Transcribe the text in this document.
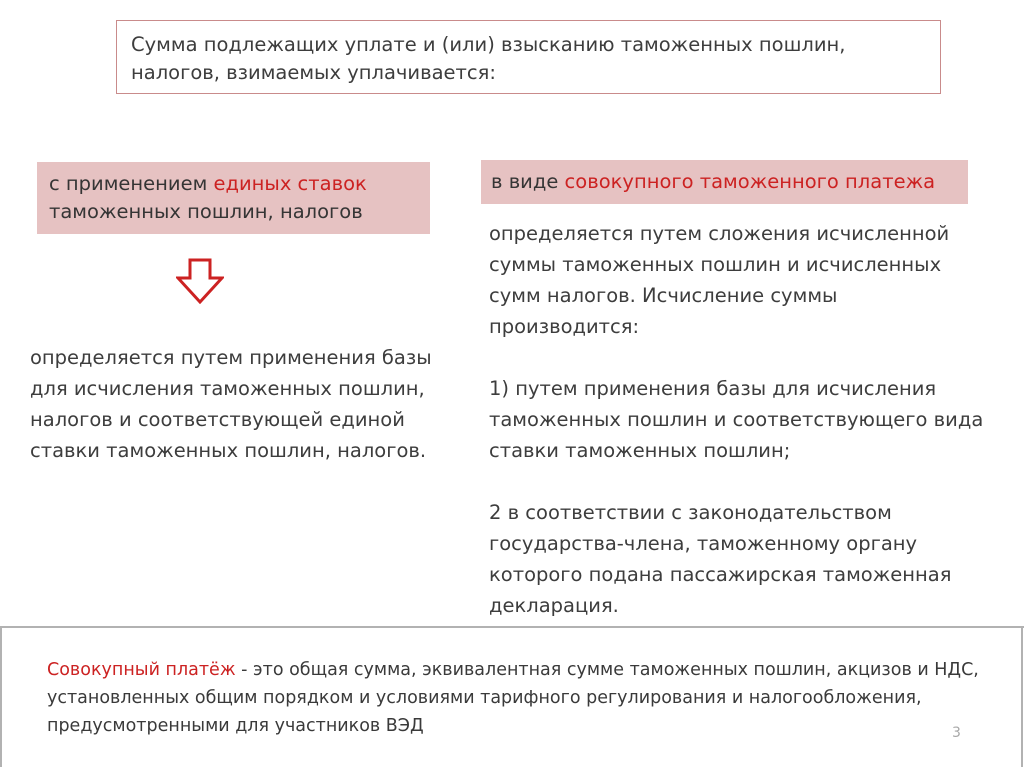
Сумма подлежащих уплате и (или) взысканию таможенных пошлин, налогов, взимаемых уплачивается:
с применением единых ставок таможенных пошлин, налогов
в виде совокупного таможенного платежа
определяется путем применения базы для исчисления таможенных пошлин, налогов и соответствующей единой ставки таможенных пошлин, налогов.

определяется путем сложения исчисленной суммы таможенных пошлин и исчисленных сумм налогов. Исчисление суммы производится:

1) путем применения базы для исчисления таможенных пошлин и соответствующего вида ставки таможенных пошлин;

2 в соответствии с законодательством государства-члена, таможенному органу которого подана пассажирская таможенная декларация.

Совокупный платёж - это общая сумма, эквивалентная сумме таможенных пошлин, акцизов и НДС, установленных общим порядком и условиями тарифного регулирования и налогообложения, предусмотренными для участников ВЭД	3
